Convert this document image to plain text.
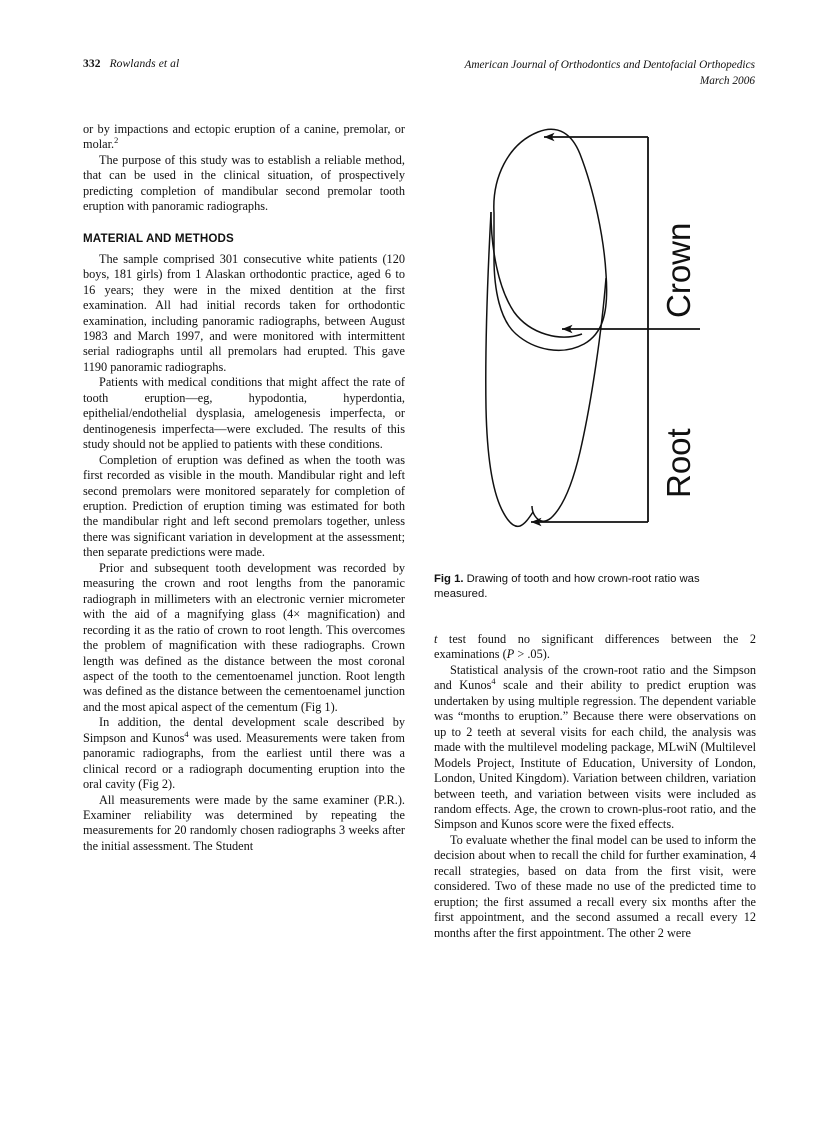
332 Rowlands et al	American Journal of Orthodontics and Dentofacial Orthopedics
March 2006

or by impactions and ectopic eruption of a canine, premolar, or molar.$^2$

The purpose of this study was to establish a reliable method, that can be used in the clinical situation, of prospectively predicting completion of mandibular second premolar tooth eruption with panoramic radiographs.

MATERIAL AND METHODS

The sample comprised 301 consecutive white patients (120 boys, 181 girls) from 1 Alaskan orthodontic practice, aged 6 to 16 years; they were in the mixed dentition at the first examination. All had initial records taken for orthodontic examination, including panoramic radiographs, between August 1983 and March 1997, and were monitored with intermittent serial radiographs until all premolars had erupted. This gave 1190 panoramic radiographs.

Patients with medical conditions that might affect the rate of tooth eruption—eg, hypodontia, hyperdontia, epithelial/endothelial dysplasia, amelogenesis imperfecta, or dentinogenesis imperfecta—were excluded. The results of this study should not be applied to patients with these conditions.

Completion of eruption was defined as when the tooth was first recorded as visible in the mouth. Mandibular right and left second premolars were monitored separately for completion of eruption. Prediction of eruption timing was estimated for both the mandibular right and left second premolars together, unless there was significant variation in development at the assessment; then separate predictions were made.

Prior and subsequent tooth development was recorded by measuring the crown and root lengths from the panoramic radiograph in millimeters with an electronic vernier micrometer with the aid of a magnifying glass (4× magnification) and recording it as the ratio of crown to root length. This overcomes the problem of magnification with these radiographs. Crown length was defined as the distance between the most coronal aspect of the tooth to the cementoenamel junction. Root length was defined as the distance between the cementoenamel junction and the most apical aspect of the cementum (Fig 1).

In addition, the dental development scale described by Simpson and Kunos$^4$ was used. Measurements were taken from panoramic radiographs, from the earliest until there was a clinical record or a radiograph documenting eruption into the oral cavity (Fig 2).

All measurements were made by the same examiner (P.R.). Examiner reliability was determined by repeating the measurements for 20 randomly chosen radiographs 3 weeks after the initial assessment. The Student

Crown
Root
Fig 1. Drawing of tooth and how crown-root ratio was measured.

t test found no significant differences between the 2 examinations (P > .05).

Statistical analysis of the crown-root ratio and the Simpson and Kunos$^4$ scale and their ability to predict eruption was undertaken by using multiple regression. The dependent variable was “months to eruption.” Because there were observations on up to 2 teeth at several visits for each child, the analysis was made with the multilevel modeling package, MLwiN (Multilevel Models Project, Institute of Education, University of London, London, United Kingdom). Variation between children, variation between teeth, and variation between visits were included as random effects. Age, the crown to crown-plus-root ratio, and the Simpson and Kunos score were the fixed effects.

To evaluate whether the final model can be used to inform the decision about when to recall the child for further examination, 4 recall strategies, based on data from the first visit, were considered. Two of these made no use of the predicted time to eruption; the first assumed a recall every six months after the first appointment, and the second assumed a recall every 12 months after the first appointment. The other 2 were
